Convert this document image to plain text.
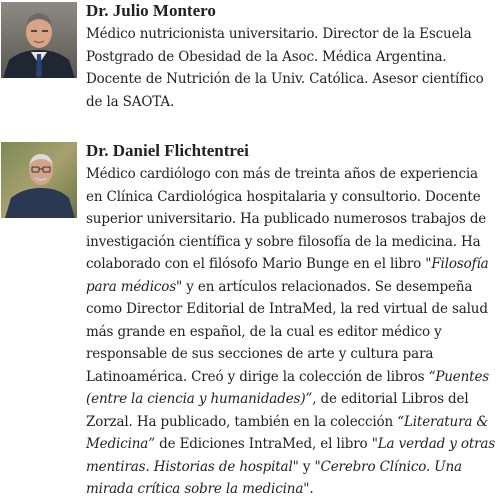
Dr. Julio Montero

Médico nutricionista universitario. Director de la Escuela Postgrado de Obesidad de la Asoc. Médica Argentina. Docente de Nutrición de la Univ. Católica. Asesor científico de la SAOTA.

Dr. Daniel Flichtentrei

Médico cardiólogo con más de treinta años de experiencia en Clínica Cardiológica hospitalaria y consultorio. Docente superior universitario. Ha publicado numerosos trabajos de investigación científica y sobre filosofía de la medicina. Ha colaborado con el filósofo Mario Bunge en el libro "Filosofía para médicos" y en artículos relacionados. Se desempeña como Director Editorial de IntraMed, la red virtual de salud más grande en español, de la cual es editor médico y responsable de sus secciones de arte y cultura para Latinoamérica. Creó y dirige la colección de libros “Puentes (entre la ciencia y humanidades)”, de editorial Libros del Zorzal. Ha publicado, también en la colección “Literatura & Medicina” de Ediciones IntraMed, el libro "La verdad y otras mentiras. Historias de hospital" y "Cerebro Clínico. Una mirada crítica sobre la medicina".
